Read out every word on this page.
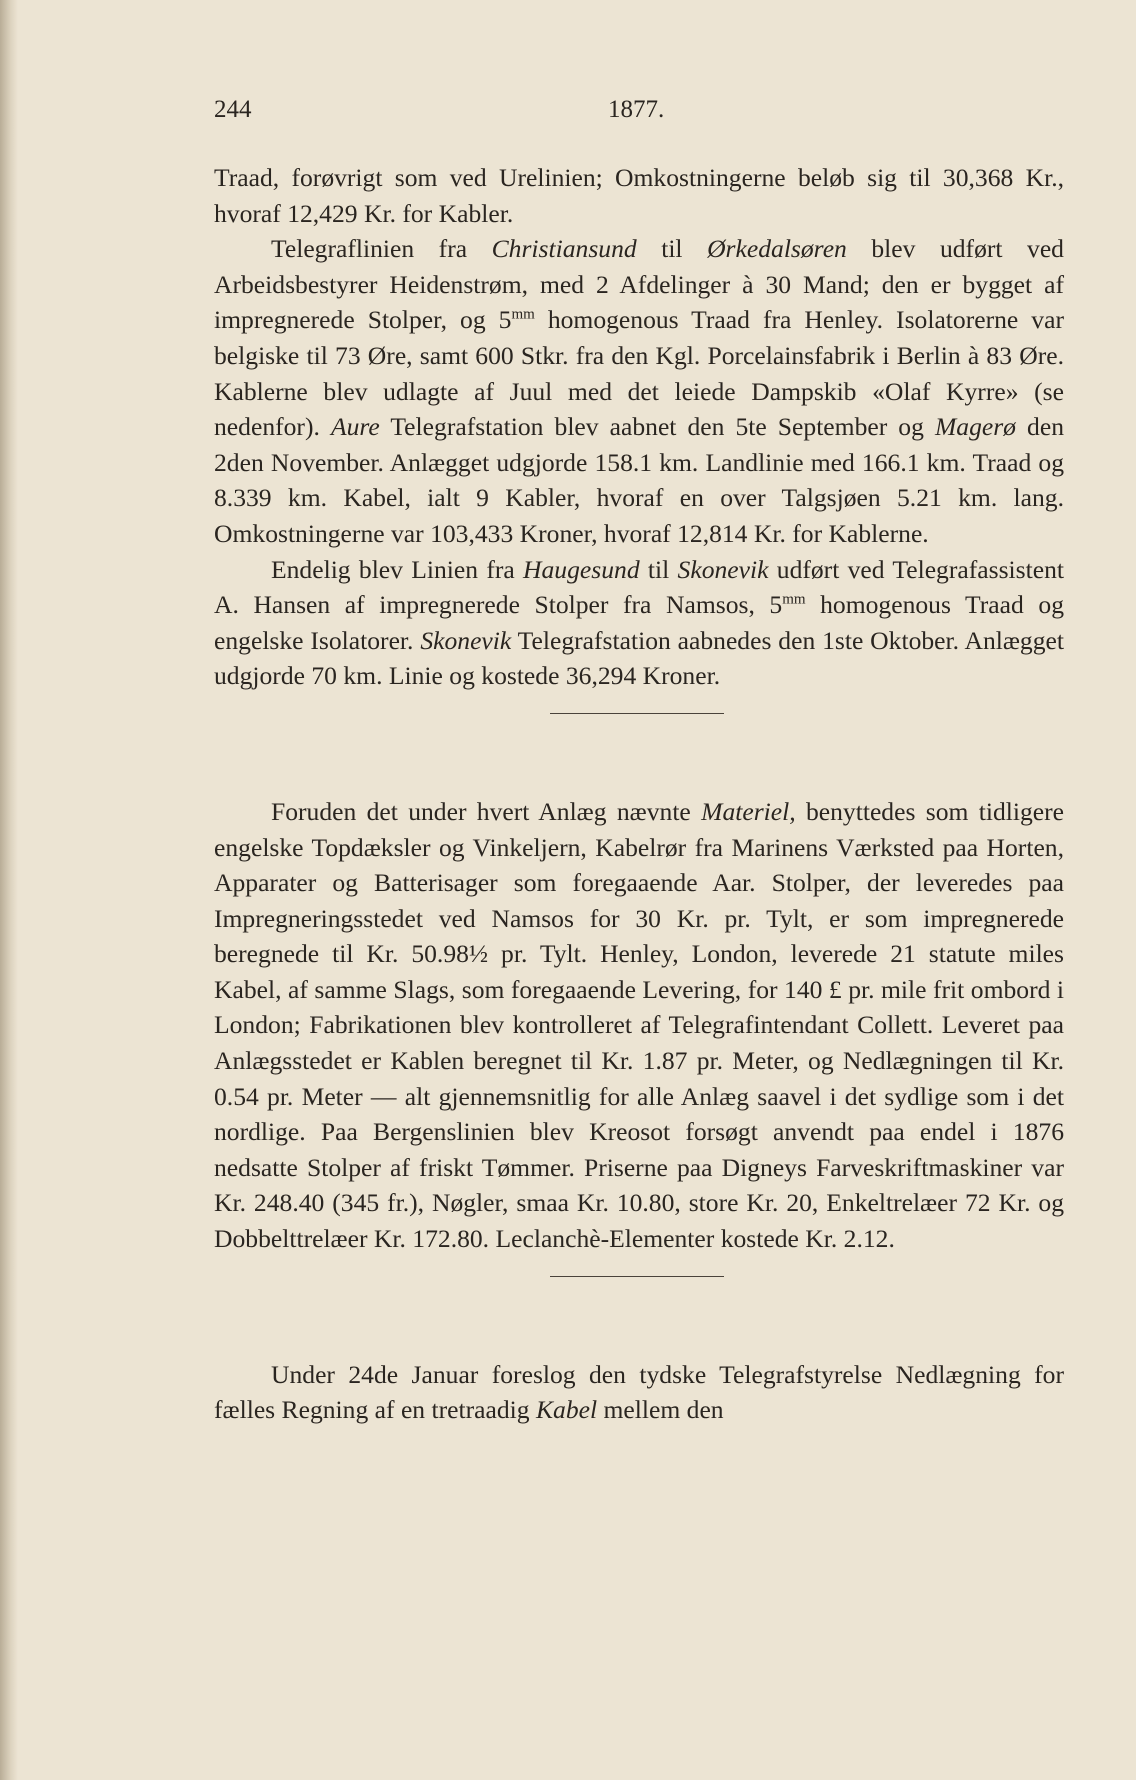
244	1877.

Traad, forøvrigt som ved Urelinien; Omkostningerne beløb sig til 30,368 Kr., hvoraf 12,429 Kr. for Kabler.

Telegraflinien fra Christiansund til Ørkedalsøren blev udført ved Arbeidsbestyrer Heidenstrøm, med 2 Afdelinger à 30 Mand; den er bygget af impregnerede Stolper, og $5^{mm}$ homogenous Traad fra Henley. Isolatorerne var belgiske til 73 Øre, samt 600 Stkr. fra den Kgl. Porcelainsfabrik i Berlin à 83 Øre. Kablerne blev udlagte af Juul med det leiede Dampskib «Olaf Kyrre» (se nedenfor). Aure Telegrafstation blev aabnet den 5te September og Magerø den 2den November. Anlægget udgjorde 158.1 km. Landlinie med 166.1 km. Traad og 8.339 km. Kabel, ialt 9 Kabler, hvoraf en over Talgsjøen 5.21 km. lang. Omkostningerne var 103,433 Kroner, hvoraf 12,814 Kr. for Kablerne.

Endelig blev Linien fra Haugesund til Skonevik udført ved Telegrafassistent A. Hansen af impregnerede Stolper fra Namsos, $5^{mm}$ homogenous Traad og engelske Isolatorer. Skonevik Telegrafstation aabnedes den 1ste Oktober. Anlægget udgjorde 70 km. Linie og kostede 36,294 Kroner.

Foruden det under hvert Anlæg nævnte Materiel, benyttedes som tidligere engelske Topdæksler og Vinkeljern, Kabelrør fra Marinens Værksted paa Horten, Apparater og Batterisager som foregaaende Aar. Stolper, der leveredes paa Impregneringsstedet ved Namsos for 30 Kr. pr. Tylt, er som impregnerede beregnede til Kr. 50.98½ pr. Tylt. Henley, London, leverede 21 statute miles Kabel, af samme Slags, som foregaaende Levering, for 140 £ pr. mile frit ombord i London; Fabrikationen blev kontrolleret af Telegrafintendant Collett. Leveret paa Anlægsstedet er Kablen beregnet til Kr. 1.87 pr. Meter, og Nedlægningen til Kr. 0.54 pr. Meter — alt gjennemsnitlig for alle Anlæg saavel i det sydlige som i det nordlige. Paa Bergenslinien blev Kreosot forsøgt anvendt paa endel i 1876 nedsatte Stolper af friskt Tømmer. Priserne paa Digneys Farveskriftmaskiner var Kr. 248.40 (345 fr.), Nøgler, smaa Kr. 10.80, store Kr. 20, Enkeltrelæer 72 Kr. og Dobbelttrelæer Kr. 172.80. Leclanchè-Elementer kostede Kr. 2.12.

Under 24de Januar foreslog den tydske Telegrafstyrelse Nedlægning for fælles Regning af en tretraadig Kabel mellem den
